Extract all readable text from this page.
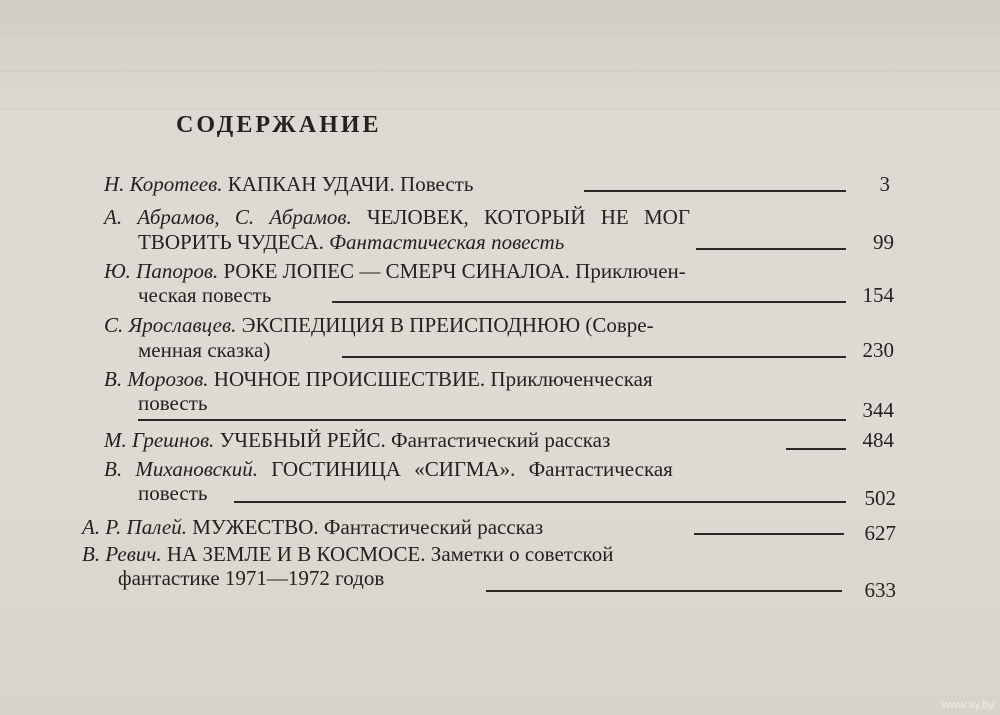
СОДЕРЖАНИЕ
Н. Коротеев. КАПКАН УДАЧИ. Повесть	3
А. Абрамов, С. Абрамов. ЧЕЛОВЕК, КОТОРЫЙ НЕ МОГ
ТВОРИТЬ ЧУДЕСА. Фантастическая повесть	99
Ю. Папоров. РОКЕ ЛОПЕС — СМЕРЧ СИНАЛОА. Приключен-
ческая повесть	154
С. Ярославцев. ЭКСПЕДИЦИЯ В ПРЕИСПОДНЮЮ (Совре-
менная сказка)	230
В. Морозов. НОЧНОЕ ПРОИСШЕСТВИЕ. Приключенческая
повесть	344
М. Грешнов. УЧЕБНЫЙ РЕЙС. Фантастический рассказ	484
В. Михановский. ГОСТИНИЦА «СИГМА». Фантастическая
повесть	502
А. Р. Палей. МУЖЕСТВО. Фантастический рассказ	627
В. Ревич. НА ЗЕМЛЕ И В КОСМОСЕ. Заметки о советской
фантастике 1971—1972 годов	633
www.ay.by
